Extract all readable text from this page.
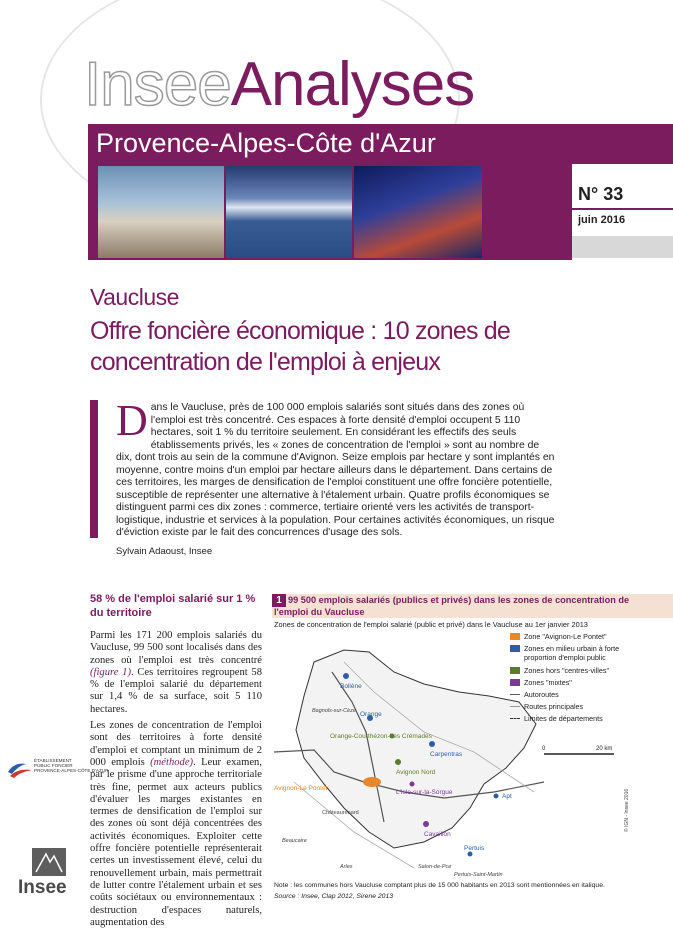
InseeAnalyses
Provence-Alpes-Côte d'Azur
N° 33
juin 2016
Vaucluse
Offre foncière économique : 10 zones de concentration de l'emploi à enjeux
Dans le Vaucluse, près de 100 000 emplois salariés sont situés dans des zones où l'emploi est très concentré. Ces espaces à forte densité d'emploi occupent 5 110 hectares, soit 1 % du territoire seulement. En considérant les effectifs des seuls établissements privés, les « zones de concentration de l'emploi » sont au nombre de dix, dont trois au sein de la commune d'Avignon. Seize emplois par hectare y sont implantés en moyenne, contre moins d'un emploi par hectare ailleurs dans le département. Dans certains de ces territoires, les marges de densification de l'emploi constituent une offre foncière potentielle, susceptible de représenter une alternative à l'étalement urbain. Quatre profils économiques se distinguent parmi ces dix zones : commerce, tertiaire orienté vers les activités de transport-logistique, industrie et services à la population. Pour certaines activités économiques, un risque d'éviction existe par le fait des concurrences d'usage des sols.
Sylvain Adaoust, Insee
58 % de l'emploi salarié sur 1 % du territoire

Parmi les 171 200 emplois salariés du Vaucluse, 99 500 sont localisés dans des zones où l'emploi est très concentré (figure 1). Ces territoires regroupent 58 % de l'emploi salarié du département sur 1,4 % de sa surface, soit 5 110 hectares.

Les zones de concentration de l'emploi sont des territoires à forte densité d'emploi et comptant un minimum de 2 000 emplois (méthode). Leur examen, par le prisme d'une approche territoriale très fine, permet aux acteurs publics d'évaluer les marges existantes en termes de densification de l'emploi sur des zones où sont déjà concentrées des activités économiques. Exploiter cette offre foncière potentielle représenterait certes un investissement élevé, celui du renouvellement urbain, mais permettrait de lutter contre l'étalement urbain et ses coûts sociétaux ou environnementaux : destruction d'espaces naturels, augmentation des

ÉTABLISSEMENT
PUBLIC FONCIER
PROVENCE-ALPES-CÔTE D'AZUR
Insee
1 99 500 emplois salariés (publics et privés) dans les zones de concentration de l'emploi du Vaucluse
Zones de concentration de l'emploi salarié (public et privé) dans le Vaucluse au 1er janvier 2013
Bollène
Orange
Bagnols-sur-Cèze
Orange-Courthézon-Les Crémades
Carpentras
Avignon-Le Pontet
Avignon Nord
L'Isle-sur-la-Sorgue
Châteaurenard
Apt
Cavaillon
Beaucaire
Arles	Salon-de-Pce
Pertuis
Pertuis-Saint-Martin
0	20 km
© IGN - Insee 2016
Zone "Avignon-Le Pontet"
Zones en milieu urbain à forte proportion d'emploi public
Zones hors "centres-villes"
Zones "mixtes"
Autoroutes
Routes principales
Limites de départements
Note : les communes hors Vaucluse comptant plus de 15 000 habitants en 2013 sont mentionnées en italique.
Source : Insee, Clap 2012, Sirene 2013
